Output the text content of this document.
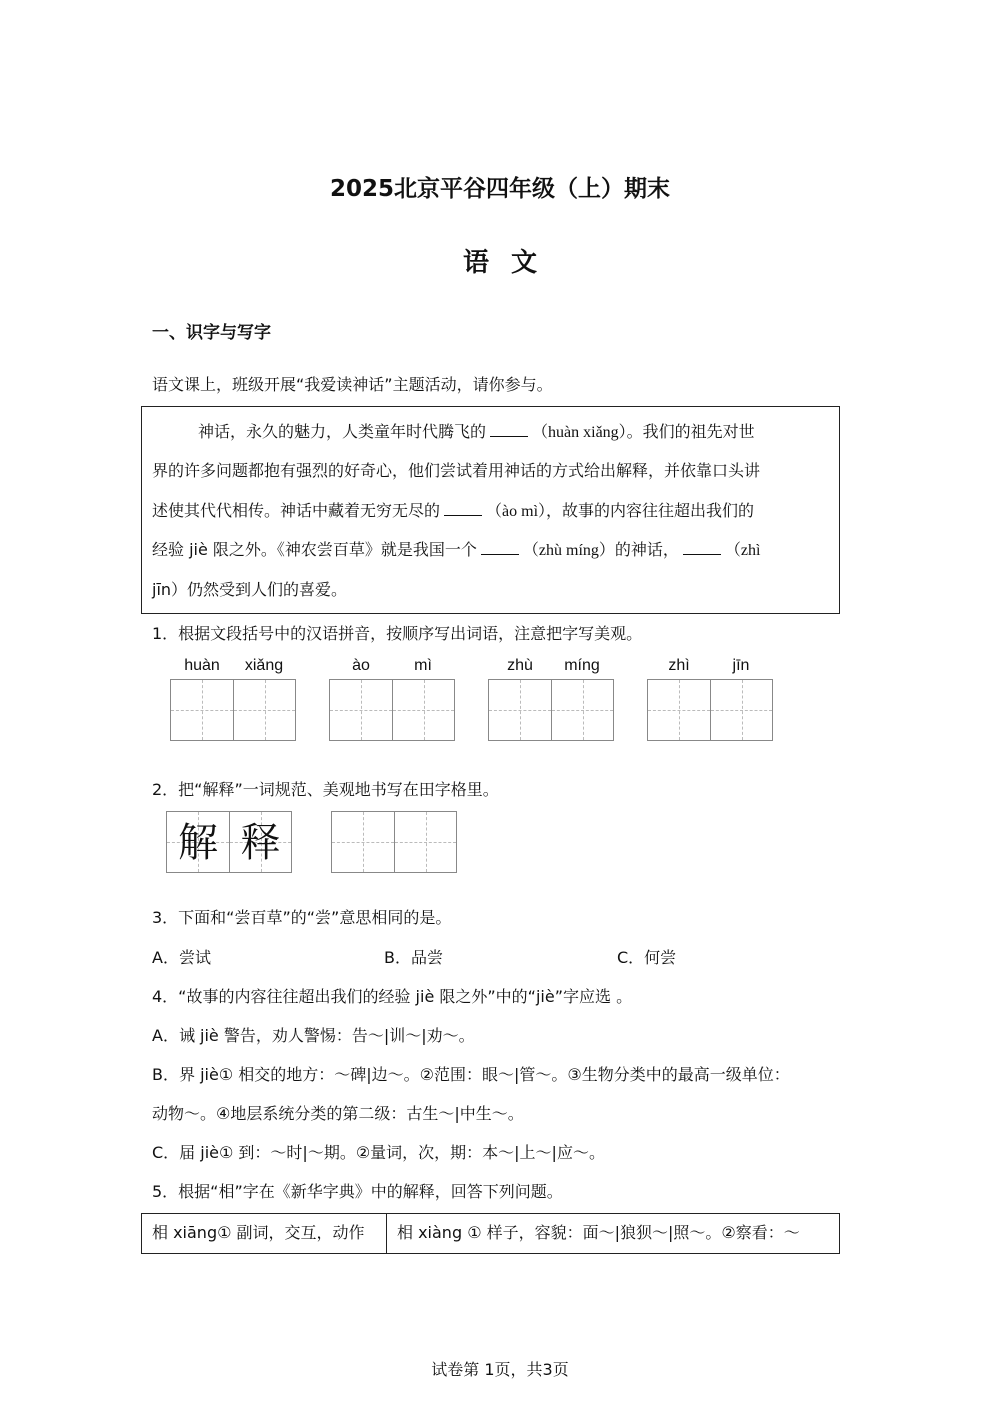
2025北京平谷四年级（上）期末
语文
一、识字与写字
语文课上，班级开展“我爱读神话”主题活动，请你参与。
神话，永久的魅力，人类童年时代腾飞的	（huàn xiǎng）。我们的祖先对世
界的许多问题都抱有强烈的好奇心，他们尝试着用神话的方式给出解释，并依靠口头讲
述使其代代相传。神话中藏着无穷无尽的	（ào mì），故事的内容往往超出我们的
经验 jiè 限之外。《神农尝百草》就是我国一个	（zhù míng）的神话，	（zhì
jīn）仍然受到人们的喜爱。
1．根据文段括号中的汉语拼音，按顺序写出词语，注意把字写美观。
huàn	xiǎng	ào	mì	zhù	míng	zhì	jīn
2．把“解释”一词规范、美观地书写在田字格里。
解 释
3．下面和“尝百草”的“尝”意思相同的是。
A．尝试	B．品尝	C．何尝
4．“故事的内容往往超出我们的经验 jiè 限之外”中的“jiè”字应选 。
A．诫 jiè 警告，劝人警惕：告～|训～|劝～。
B．界 jiè① 相交的地方：～碑|边～。②范围：眼～|管～。③生物分类中的最高一级单位：
动物～。④地层系统分类的第二级：古生～|中生～。
C．届 jiè① 到：～时|～期。②量词，次，期：本～|上～|应～。
5．根据“相”字在《新华字典》中的解释，回答下列问题。
相 xiāng① 副词，交互，动作	相 xiàng ① 样子，容貌：面～|狼狈～|照～。②察看：～
试卷第 1页，共3页
